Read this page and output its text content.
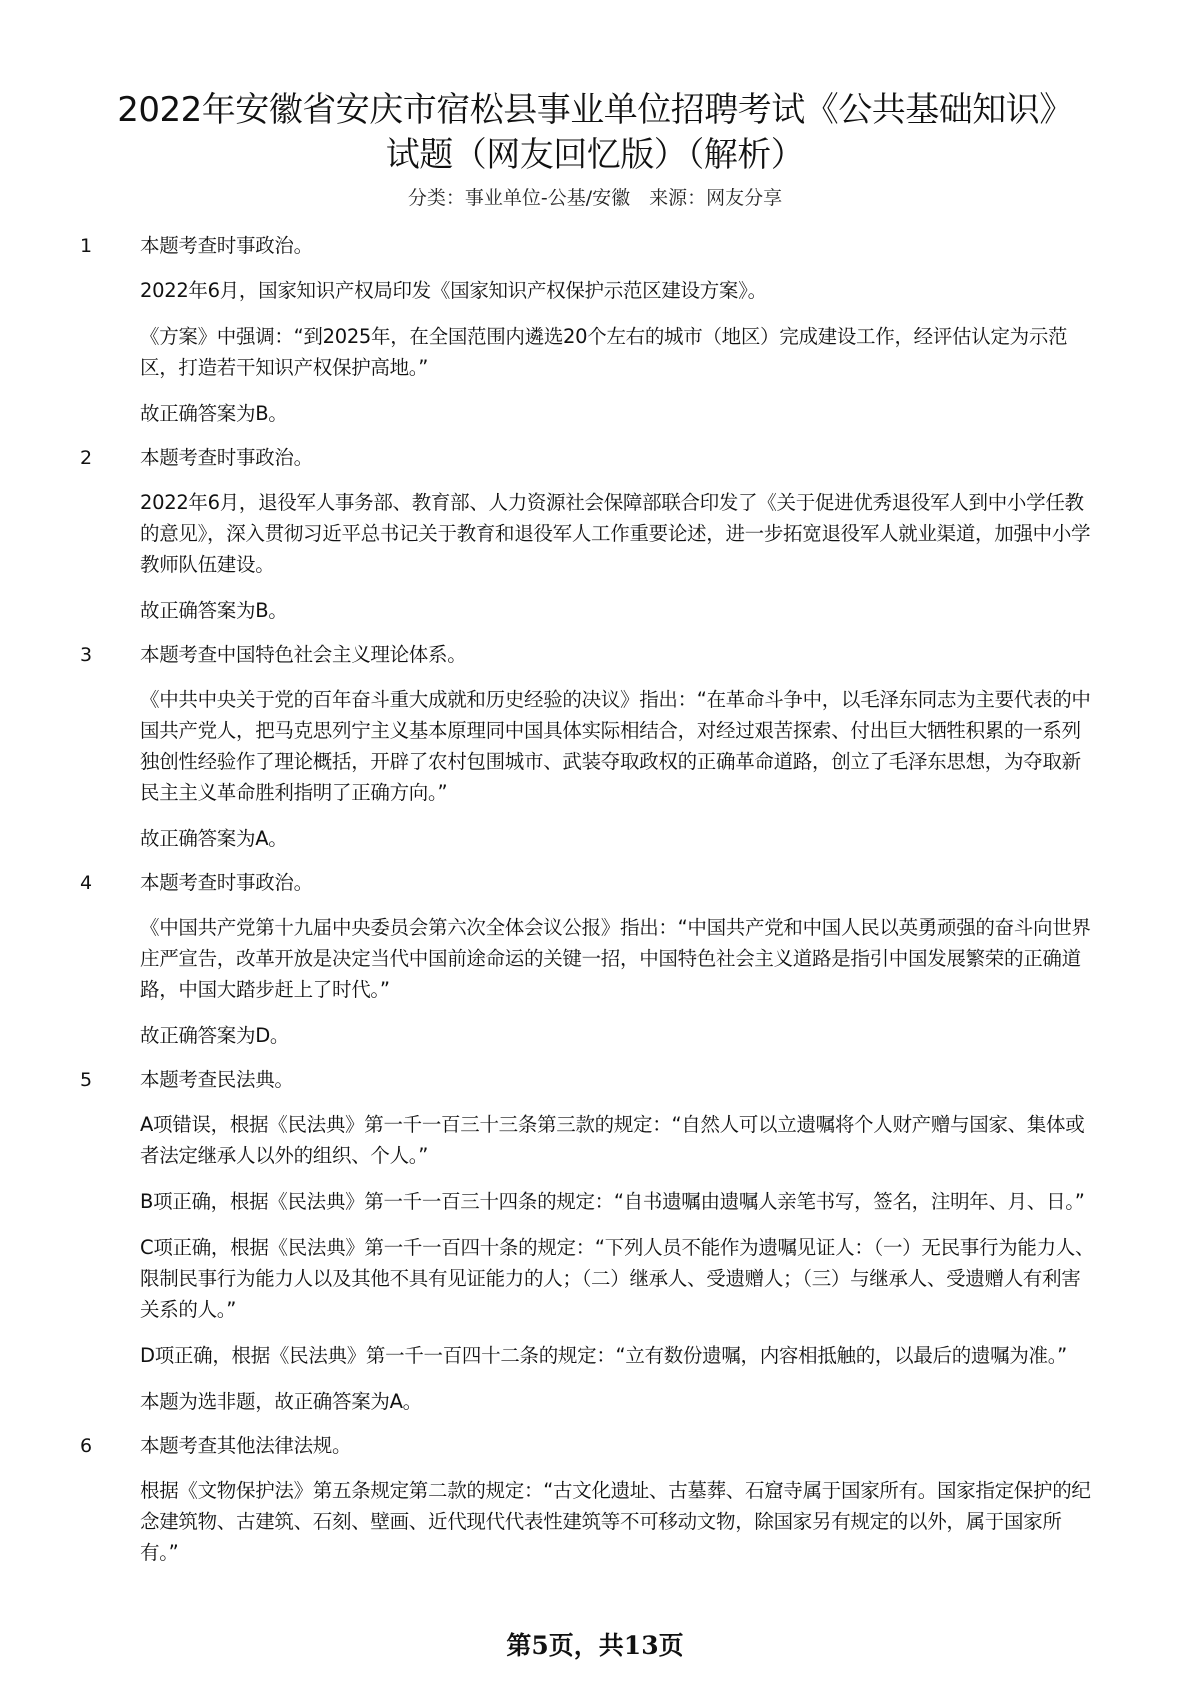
2022年安徽省安庆市宿松县事业单位招聘考试《公共基础知识》
试题（网友回忆版）（解析）
分类：事业单位-公基/安徽　来源：网友分享
1 本题考查时事政治。
2022年6月，国家知识产权局印发《国家知识产权保护示范区建设方案》。
《方案》中强调：“到2025年，在全国范围内遴选20个左右的城市（地区）完成建设工作，经评估认定为示范区，打造若干知识产权保护高地。”
故正确答案为B。
2 本题考查时事政治。
2022年6月，退役军人事务部、教育部、人力资源社会保障部联合印发了《关于促进优秀退役军人到中小学任教的意见》，深入贯彻习近平总书记关于教育和退役军人工作重要论述，进一步拓宽退役军人就业渠道，加强中小学教师队伍建设。
故正确答案为B。
3 本题考查中国特色社会主义理论体系。
《中共中央关于党的百年奋斗重大成就和历史经验的决议》指出：“在革命斗争中，以毛泽东同志为主要代表的中国共产党人，把马克思列宁主义基本原理同中国具体实际相结合，对经过艰苦探索、付出巨大牺牲积累的一系列独创性经验作了理论概括，开辟了农村包围城市、武装夺取政权的正确革命道路，创立了毛泽东思想，为夺取新民主主义革命胜利指明了正确方向。”
故正确答案为A。
4 本题考查时事政治。
《中国共产党第十九届中央委员会第六次全体会议公报》指出：“中国共产党和中国人民以英勇顽强的奋斗向世界庄严宣告，改革开放是决定当代中国前途命运的关键一招，中国特色社会主义道路是指引中国发展繁荣的正确道路，中国大踏步赶上了时代。”
故正确答案为D。
5 本题考查民法典。
A项错误，根据《民法典》第一千一百三十三条第三款的规定：“自然人可以立遗嘱将个人财产赠与国家、集体或者法定继承人以外的组织、个人。”
B项正确，根据《民法典》第一千一百三十四条的规定：“自书遗嘱由遗嘱人亲笔书写，签名，注明年、月、日。”
C项正确，根据《民法典》第一千一百四十条的规定：“下列人员不能作为遗嘱见证人：（一）无民事行为能力人、限制民事行为能力人以及其他不具有见证能力的人；（二）继承人、受遗赠人；（三）与继承人、受遗赠人有利害关系的人。”
D项正确，根据《民法典》第一千一百四十二条的规定：“立有数份遗嘱，内容相抵触的，以最后的遗嘱为准。”
本题为选非题，故正确答案为A。
6 本题考查其他法律法规。
根据《文物保护法》第五条规定第二款的规定：“古文化遗址、古墓葬、石窟寺属于国家所有。国家指定保护的纪念建筑物、古建筑、石刻、壁画、近代现代代表性建筑等不可移动文物，除国家另有规定的以外，属于国家所有。”
第5页，共13页
